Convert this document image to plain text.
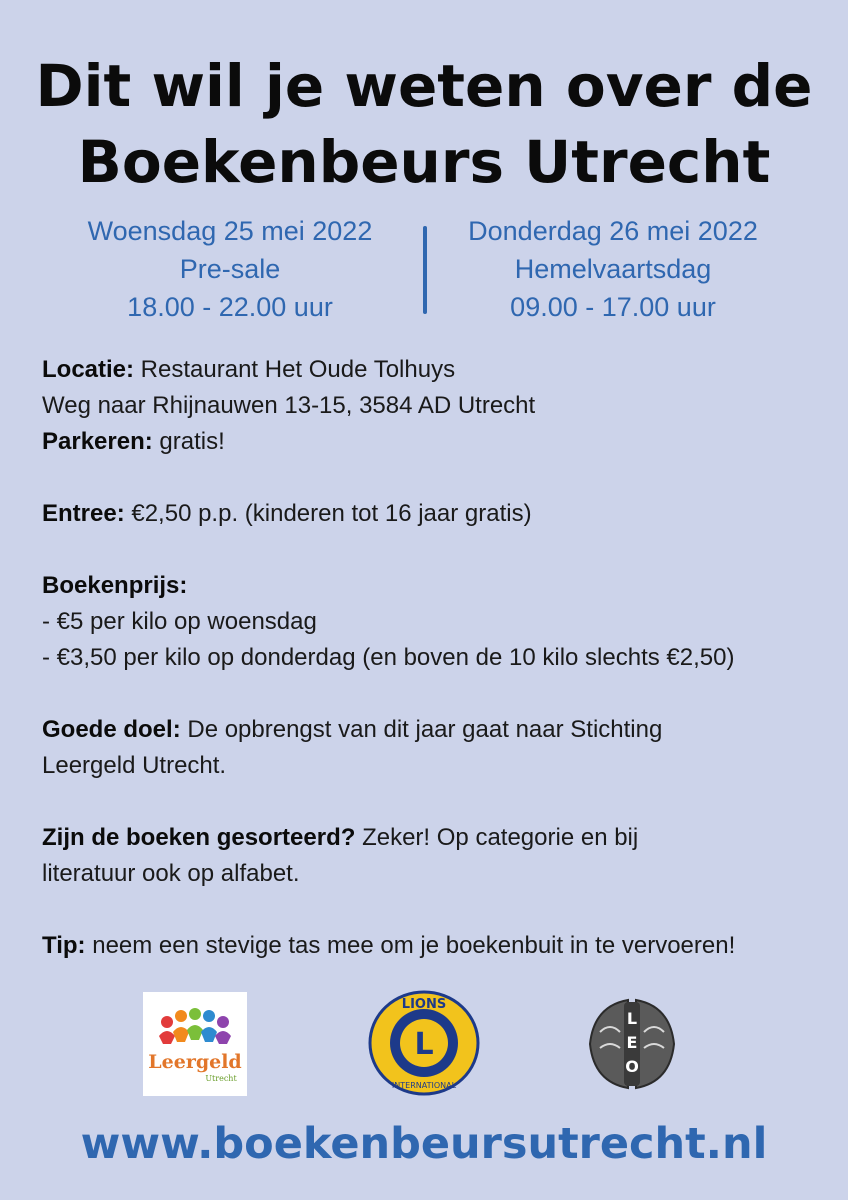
Dit wil je weten over de
Boekenbeurs Utrecht
Woensdag 25 mei 2022
Pre-sale
18.00 - 22.00 uur
Donderdag 26 mei 2022
Hemelvaartsdag
09.00 - 17.00 uur

Locatie: Restaurant Het Oude Tolhuys
Weg naar Rhijnauwen 13-15, 3584 AD Utrecht
Parkeren: gratis!

Entree: €2,50 p.p. (kinderen tot 16 jaar gratis)

Boekenprijs:
- €5 per kilo op woensdag
- €3,50 per kilo op donderdag (en boven de 10 kilo slechts €2,50)

Goede doel: De opbrengst van dit jaar gaat naar Stichting
Leergeld Utrecht.

Zijn de boeken gesorteerd? Zeker! Op categorie en bij
literatuur ook op alfabet.

Tip: neem een stevige tas mee om je boekenbuit in te vervoeren!

Leergeld
Utrecht
L
LIONS
INTERNATIONAL
L
E
O
www.boekenbeursutrecht.nl
